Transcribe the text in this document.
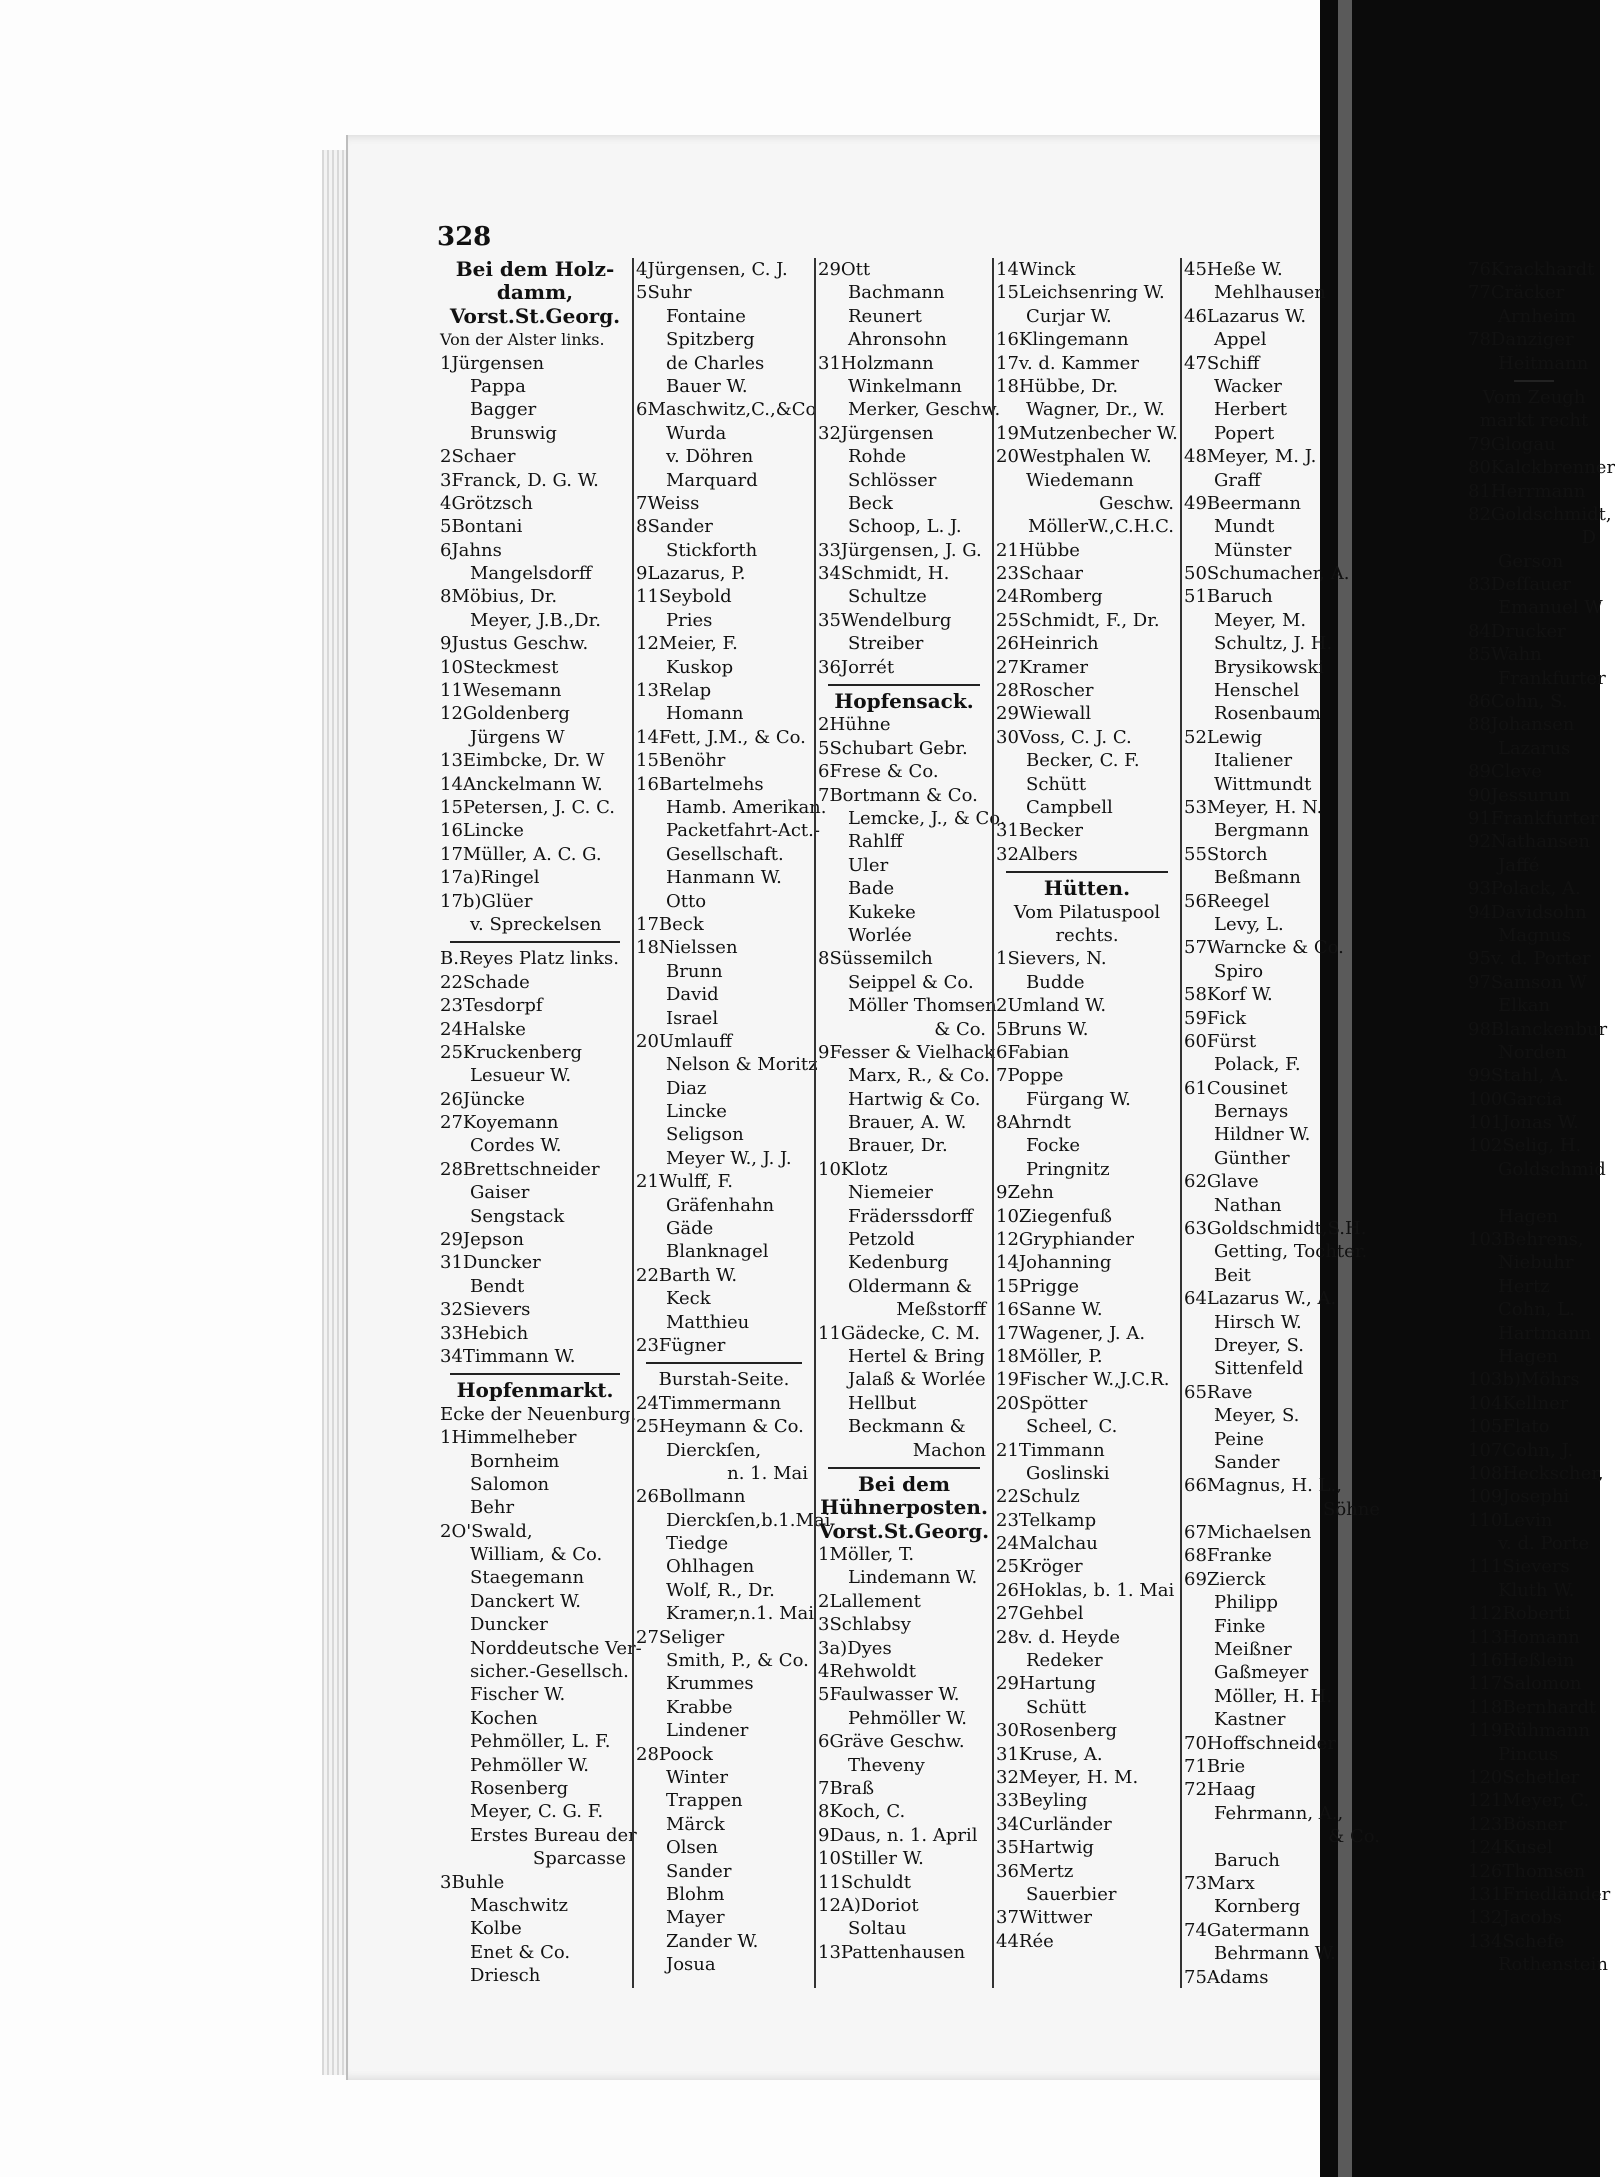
328
Bei dem Holz-
damm,
Vorst.St.Georg.
Von der Alster links.
1Jürgensen
Pappa
Bagger
Brunswig
2Schaer
3Franck, D. G. W.
4Grötzsch
5Bontani
6Jahns
Mangelsdorff
8Möbius, Dr.
Meyer, J.B.,Dr.
9Justus Geschw.
10Steckmest
11Wesemann
12Goldenberg
Jürgens W
13Eimbcke, Dr. W
14Anckelmann W.
15Petersen, J. C. C.
16Lincke
17Müller, A. C. G.
17a)Ringel
17b)Glüer
v. Spreckelsen
B.Reyes Platz links.
22Schade
23Tesdorpf
24Halske
25Kruckenberg
Lesueur W.
26Jüncke
27Koyemann
Cordes W.
28Brettschneider
Gaiser
Sengstack
29Jepson
31Duncker
Bendt
32Sievers
33Hebich
34Timmann W.
Hopfenmarkt.
Ecke der Neuenburg.
1Himmelheber
Bornheim
Salomon
Behr
2O'Swald,
William, & Co.
Staegemann
Danckert W.
Duncker
Norddeutsche Ver-
sicher.-Gesellsch.
Fischer W.
Kochen
Pehmöller, L. F.
Pehmöller W.
Rosenberg
Meyer, C. G. F.
Erstes Bureau der
Sparcasse
3Buhle
Maschwitz
Kolbe
Enet & Co.
Driesch
4Jürgensen, C. J.
5Suhr
Fontaine
Spitzberg
de Charles
Bauer W.
6Maschwitz,C.,&Co
Wurda
v. Döhren
Marquard
7Weiss
8Sander
Stickforth
9Lazarus, P.
11Seybold
Pries
12Meier, F.
Kuskop
13Relap
Homann
14Fett, J.M., & Co.
15Benöhr
16Bartelmehs
Hamb. Amerikan.
Packetfahrt-Act.-
Gesellschaft.
Hanmann W.
Otto
17Beck
18Nielssen
Brunn
David
Israel
20Umlauff
Nelson & Moritz
Diaz
Lincke
Seligson
Meyer W., J. J.
21Wulff, F.
Gräfenhahn
Gäde
Blanknagel
22Barth W.
Keck
Matthieu
23Fügner
Burstah-Seite.
24Timmermann
25Heymann & Co.
Dierckſen,
n. 1. Mai
26Bollmann
Dierckſen,b.1.Mai
Tiedge
Ohlhagen
Wolf, R., Dr.
Kramer,n.1. Mai
27Seliger
Smith, P., & Co.
Krummes
Krabbe
Lindener
28Poock
Winter
Trappen
Märck
Olsen
Sander
Blohm
Mayer
Zander W.
Josua
29Ott
Bachmann
Reunert
Ahronsohn
31Holzmann
Winkelmann
Merker, Geschw.
32Jürgensen
Rohde
Schlösser
Beck
Schoop, L. J.
33Jürgensen, J. G.
34Schmidt, H.
Schultze
35Wendelburg
Streiber
36Jorrét
Hopfensack.
2Hühne
5Schubart Gebr.
6Frese & Co.
7Bortmann & Co.
Lemcke, J., & Co.
Rahlff
Uler
Bade
Kukeke
Worlée
8Süssemilch
Seippel & Co.
Möller Thomsen
& Co.
9Fesser & Vielhack
Marx, R., & Co.
Hartwig & Co.
Brauer, A. W.
Brauer, Dr.
10Klotz
Niemeier
Fräderssdorff
Petzold
Kedenburg
Oldermann &
Meßstorff
11Gädecke, C. M.
Hertel & Bring
Jalaß & Worlée
Hellbut
Beckmann &
Machon
Bei dem
Hühnerposten.
Vorst.St.Georg.
1Möller, T.
Lindemann W.
2Lallement
3Schlabsy
3a)Dyes
4Rehwoldt
5Faulwasser W.
Pehmöller W.
6Gräve Geschw.
Theveny
7Braß
8Koch, C.
9Daus, n. 1. April
10Stiller W.
11Schuldt
12A)Doriot
Soltau
13Pattenhausen
14Winck
15Leichsenring W.
Curjar W.
16Klingemann
17v. d. Kammer
18Hübbe, Dr.
Wagner, Dr., W.
19Mutzenbecher W.
20Westphalen W.
Wiedemann
Geschw.
MöllerW.,C.H.C.
21Hübbe
23Schaar
24Romberg
25Schmidt, F., Dr.
26Heinrich
27Kramer
28Roscher
29Wiewall
30Voss, C. J. C.
Becker, C. F.
Schütt
Campbell
31Becker
32Albers
Hütten.
Vom Pilatuspool
rechts.
1Sievers, N.
Budde
2Umland W.
5Bruns W.
6Fabian
7Poppe
Fürgang W.
8Ahrndt
Focke
Pringnitz
9Zehn
10Ziegenfuß
12Gryphiander
14Johanning
15Prigge
16Sanne W.
17Wagener, J. A.
18Möller, P.
19Fischer W.,J.C.R.
20Spötter
Scheel, C.
21Timmann
Goslinski
22Schulz
23Telkamp
24Malchau
25Kröger
26Hoklas, b. 1. Mai
27Gehbel
28v. d. Heyde
Redeker
29Hartung
Schütt
30Rosenberg
31Kruse, A.
32Meyer, H. M.
33Beyling
34Curländer
35Hartwig
36Mertz
Sauerbier
37Wittwer
44Rée
45Heße W.
Mehlhausen
46Lazarus W.
Appel
47Schiff
Wacker
Herbert
Popert
48Meyer, M. J.
Graff
49Beermann
Mundt
Münster
50Schumacher, A.
51Baruch
Meyer, M.
Schultz, J. H.
Brysikowski
Henschel
Rosenbaum
52Lewig
Italiener
Wittmundt
53Meyer, H. N.
Bergmann
55Storch
Beßmann
56Reegel
Levy, L.
57Warncke & Co.
Spiro
58Korf W.
59Fick
60Fürst
Polack, F.
61Cousinet
Bernays
Hildner W.
Günther
62Glave
Nathan
63Goldschmidt,S.H.
Getting, Tochter.
Beit
64Lazarus W., A.
Hirsch W.
Dreyer, S.
Sittenfeld
65Rave
Meyer, S.
Peine
Sander
66Magnus, H. L.,
Söhne
67Michaelsen
68Franke
69Zierck
Philipp
Finke
Meißner
Gaßmeyer
Möller, H. H.
Kastner
70Hoffschneider
71Brie
72Haag
Fehrmann, A.,
& Co.
Baruch
73Marx
Kornberg
74Gatermann
Behrmann W.
75Adams
76Krackhardt
77Cräcker
Arnheim
78Danziger
Heitmann
Vom Zeugh
markt recht
79Glogau
80Kalckbrenner
81Herrmann
82Goldschmidt,
D
Gerson
83Deſſauer
Emanuel W
84Drucker
85Wahn
Frankfurter
86Cohn, S.
88Johansen
Lazarus
89Cleve
90Jessurun
91Frankfurter
92Nathansen
Jaffé
93Polack, A.
94Davidsohn
Magnus
95v. d. Porter
97Samson W
Elkan
98Blanckenbur
Norden
99Stahl, A.
100Garcia
101Jonas W.
102Selig, H.
Goldschmid
Hagen
103Behrens,
Niebuhr
Hertz
Cohn, L.
Hartmann
Hagen
103b)Möhrs
104Kellner
105Flato
107Cohn, J.
108Heckscher,
109Josephi
110Levin
v. d. Porte
111Sievers
Kluth W.
112Roberti
113Homann
116Heßlein
117Salomon
118Bernhardt
119Rühmann
Pincus
120Schetler
121Meyer, C.
123Bösner
124Kusel
126Thomsen
131Friedländer
132Jacobs
134Schefe
Rothenstein
